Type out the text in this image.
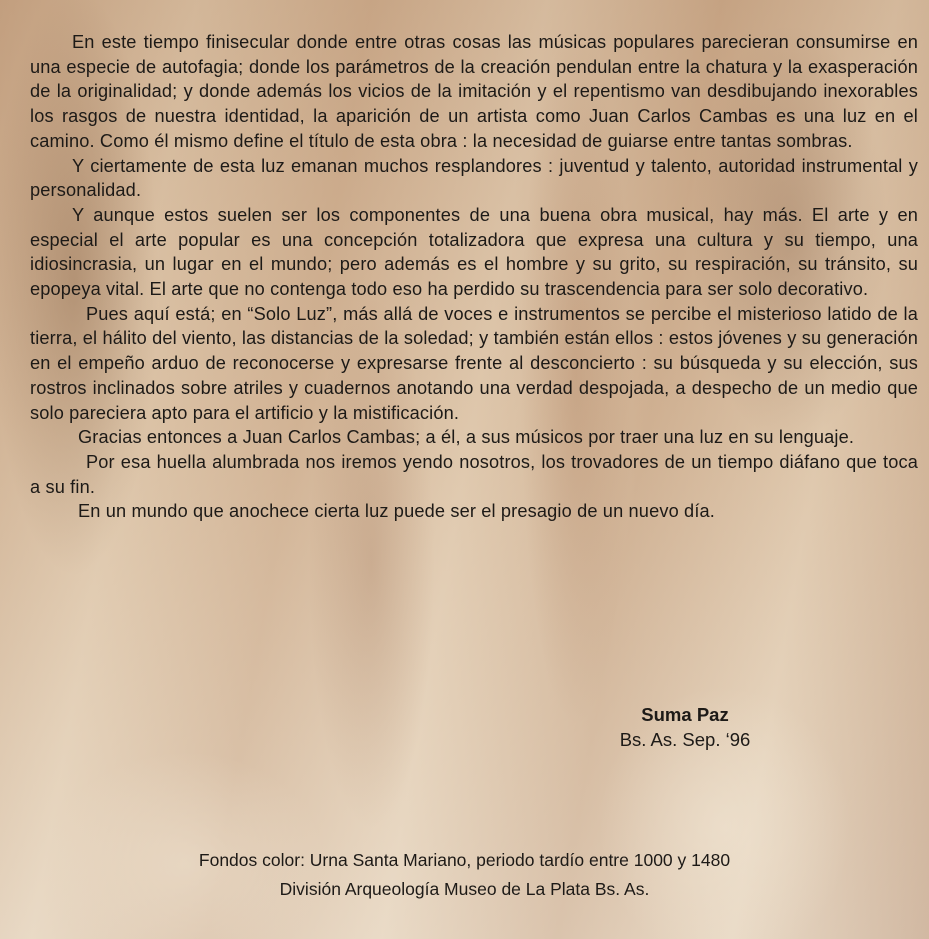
En este tiempo finisecular donde entre otras cosas las músicas populares parecieran consumirse en una especie de autofagia; donde los parámetros de la creación pendulan entre la chatura y la exasperación de la originalidad; y donde además los vicios de la imitación y el repentismo van desdibujando inexorables los rasgos de nuestra identidad, la aparición de un artista como Juan Carlos Cambas es una luz en el camino. Como él mismo define el título de esta obra : la necesidad de guiarse entre tantas sombras.

Y ciertamente de esta luz emanan muchos resplandores : juventud y talento, autoridad instrumental y personalidad.

Y aunque estos suelen ser los componentes de una buena obra musical, hay más. El arte y en especial el arte popular es una concepción totalizadora que expresa una cultura y su tiempo, una idiosincrasia, un lugar en el mundo; pero además es el hombre y su grito, su respiración, su tránsito, su epopeya vital. El arte que no contenga todo eso ha perdido su trascendencia para ser solo decorativo.

Pues aquí está; en “Solo Luz”, más allá de voces e instrumentos se percibe el misterioso latido de la tierra, el hálito del viento, las distancias de la soledad; y también están ellos : estos jóvenes y su generación en el empeño arduo de reconocerse y expresarse frente al desconcierto : su búsqueda y su elección, sus rostros inclinados sobre atriles y cuadernos anotando una verdad despojada, a despecho de un medio que solo pareciera apto para el artificio y la mistificación.

Gracias entonces a Juan Carlos Cambas; a él, a sus músicos por traer una luz en su lenguaje.

Por esa huella alumbrada nos iremos yendo nosotros, los trovadores de un tiempo diáfano que toca a su fin.

En un mundo que anochece cierta luz puede ser el presagio de un nuevo día.

Suma Paz
Bs. As. Sep. ‘96
Fondos color: Urna Santa Mariano, periodo tardío entre 1000 y 1480
División Arqueología Museo de La Plata Bs. As.
